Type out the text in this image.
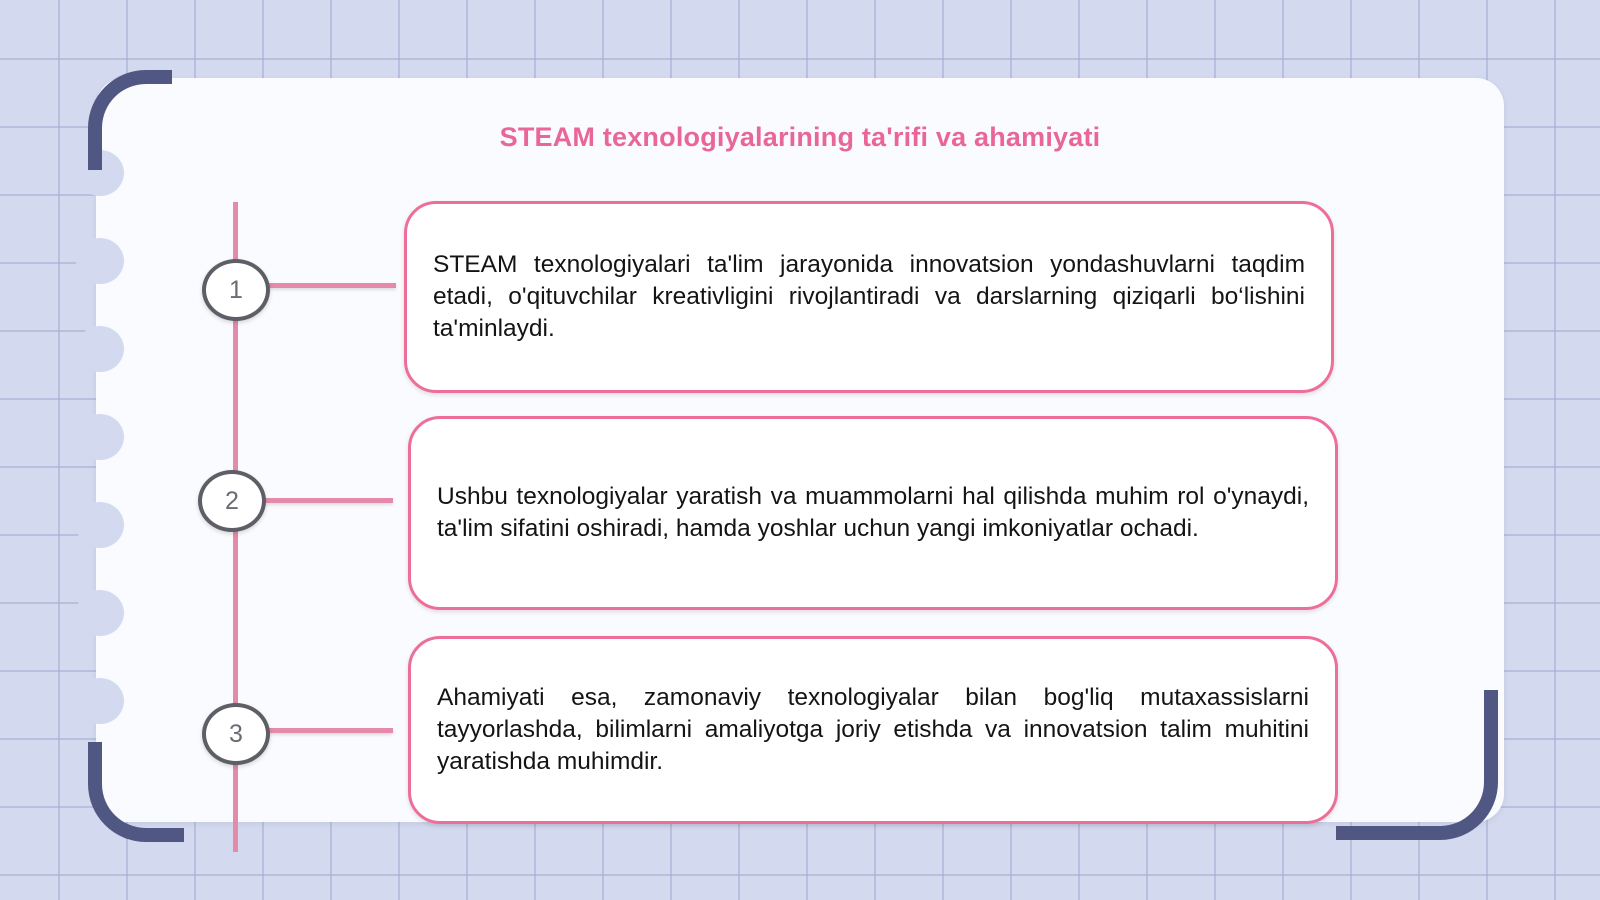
STEAM texnologiyalarining ta'rifi va ahamiyati
1

STEAM texnologiyalari ta'lim jarayonida innovatsion yondashuvlarni taqdim etadi, o'qituvchilar kreativligini rivojlantiradi va darslarning qiziqarli bo‘lishini ta'minlaydi.

2	Ushbu texnologiyalar yaratish va muammolarni hal qilishda muhim rol o'ynaydi, ta'lim sifatini oshiradi, hamda yoshlar uchun yangi imkoniyatlar ochadi.

3

Ahamiyati esa, zamonaviy texnologiyalar bilan bog'liq mutaxassislarni tayyorlashda, bilimlarni amaliyotga joriy etishda va innovatsion talim muhitini yaratishda muhimdir.
